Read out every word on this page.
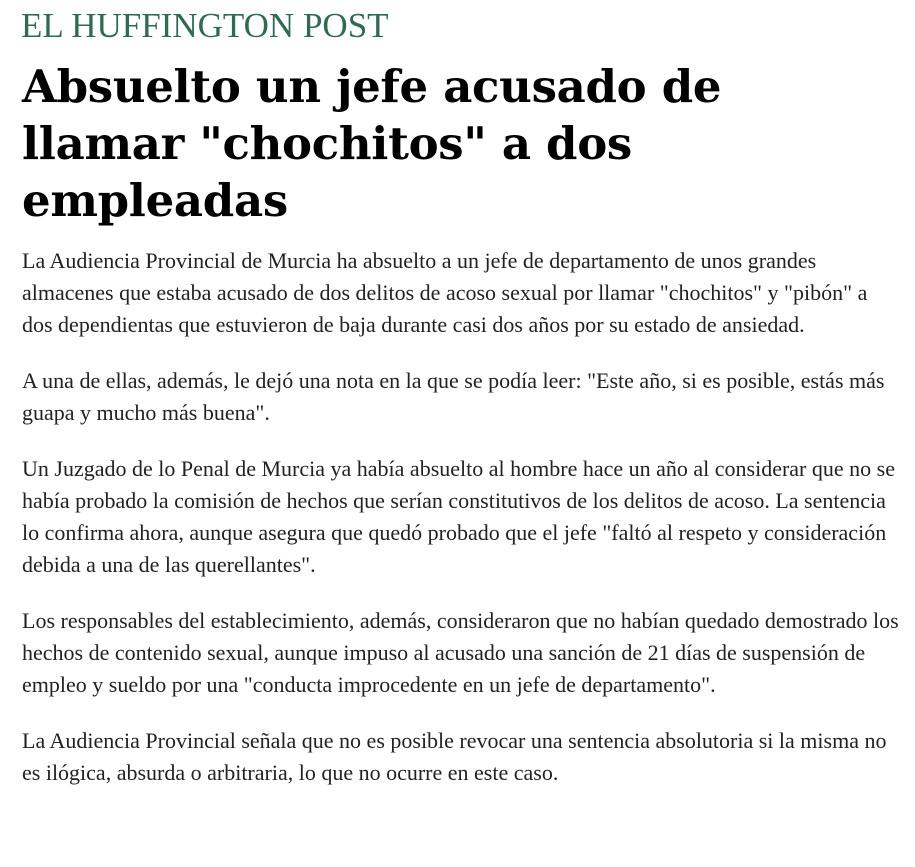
EL HUFFINGTON POST
Absuelto un jefe acusado de llamar "chochitos" a dos empleadas

La Audiencia Provincial de Murcia ha absuelto a un jefe de departamento de unos grandes almacenes que estaba acusado de dos delitos de acoso sexual por llamar "chochitos" y "pibón" a dos dependientas que estuvieron de baja durante casi dos años por su estado de ansiedad.

A una de ellas, además, le dejó una nota en la que se podía leer: "Este año, si es posible, estás más guapa y mucho más buena".

Un Juzgado de lo Penal de Murcia ya había absuelto al hombre hace un año al considerar que no se había probado la comisión de hechos que serían constitutivos de los delitos de acoso. La sentencia lo confirma ahora, aunque asegura que quedó probado que el jefe "faltó al respeto y consideración debida a una de las querellantes".

Los responsables del establecimiento, además, consideraron que no habían quedado demostrado los hechos de contenido sexual, aunque impuso al acusado una sanción de 21 días de suspensión de empleo y sueldo por una "conducta improcedente en un jefe de departamento".

La Audiencia Provincial señala que no es posible revocar una sentencia absolutoria si la misma no es ilógica, absurda o arbitraria, lo que no ocurre en este caso.
